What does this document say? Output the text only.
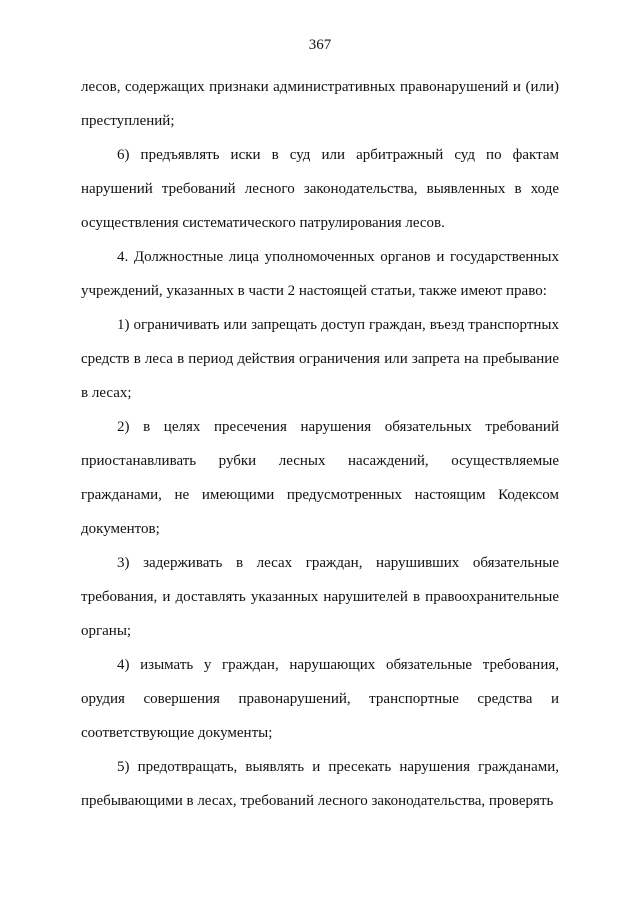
367

лесов, содержащих признаки административных правонарушений и (или) преступлений;

6) предъявлять иски в суд или арбитражный суд по фактам нарушений требований лесного законодательства, выявленных в ходе осуществления систематического патрулирования лесов.

4. Должностные лица уполномоченных органов и государственных учреждений, указанных в части 2 настоящей статьи, также имеют право:

1) ограничивать или запрещать доступ граждан, въезд транспортных средств в леса в период действия ограничения или запрета на пребывание в лесах;

2) в целях пресечения нарушения обязательных требований приостанавливать рубки лесных насаждений, осуществляемые гражданами, не имеющими предусмотренных настоящим Кодексом документов;

3) задерживать в лесах граждан, нарушивших обязательные требования, и доставлять указанных нарушителей в правоохранительные органы;

4) изымать у граждан, нарушающих обязательные требования, орудия совершения правонарушений, транспортные средства и соответствующие документы;

5) предотвращать, выявлять и пресекать нарушения гражданами, пребывающими в лесах, требований лесного законодательства, проверять
